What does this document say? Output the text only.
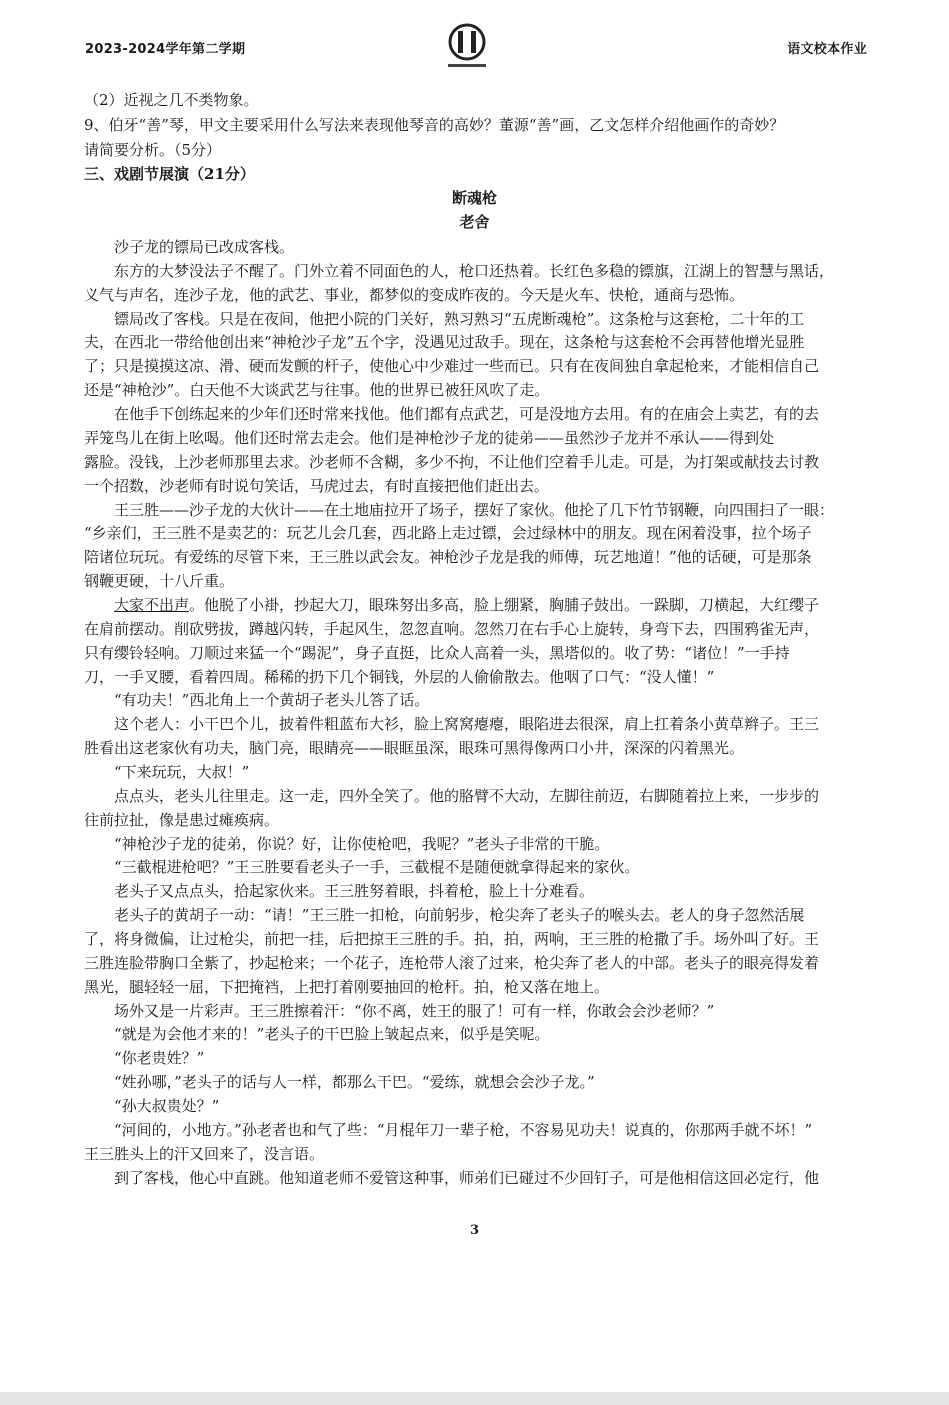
2023-2024学年第二学期	语文校本作业
（2）近视之几不类物象。
9、伯牙“善”琴，甲文主要采用什么写法来表现他琴音的高妙？董源“善”画，乙文怎样介绍他画作的奇妙？
请简要分析。（5分）
三、戏剧节展演（21分）
断魂枪
老舍
沙子龙的镖局已改成客栈。
东方的大梦没法子不醒了。门外立着不同面色的人，枪口还热着。长红色多稳的镖旗，江湖上的智慧与黑话，
义气与声名，连沙子龙，他的武艺、事业，都梦似的变成昨夜的。今天是火车、快枪，通商与恐怖。
镖局改了客栈。只是在夜间，他把小院的门关好，熟习熟习“五虎断魂枪”。这条枪与这套枪，二十年的工
夫，在西北一带给他创出来“神枪沙子龙”五个字，没遇见过敌手。现在，这条枪与这套枪不会再替他增光显胜
了；只是摸摸这凉、滑、硬而发颤的杆子，使他心中少难过一些而已。只有在夜间独自拿起枪来，才能相信自己
还是“神枪沙”。白天他不大谈武艺与往事。他的世界已被狂风吹了走。
在他手下创练起来的少年们还时常来找他。他们都有点武艺，可是没地方去用。有的在庙会上卖艺，有的去
弄笼鸟儿在街上吆喝。他们还时常去走会。他们是神枪沙子龙的徒弟——虽然沙子龙并不承认——得到处
露脸。没钱，上沙老师那里去求。沙老师不含糊，多少不拘，不让他们空着手儿走。可是，为打架或献技去讨教
一个招数，沙老师有时说句笑话，马虎过去，有时直接把他们赶出去。
王三胜——沙子龙的大伙计——在土地庙拉开了场子，摆好了家伙。他抡了几下竹节钢鞭，向四围扫了一眼：
“乡亲们，王三胜不是卖艺的：玩艺儿会几套，西北路上走过镖，会过绿林中的朋友。现在闲着没事，拉个场子
陪诸位玩玩。有爱练的尽管下来，王三胜以武会友。神枪沙子龙是我的师傅，玩艺地道！”他的话硬，可是那条
钢鞭更硬，十八斤重。
大家不出声。他脱了小褂，抄起大刀，眼珠努出多高，脸上绷紧，胸脯子鼓出。一跺脚，刀横起，大红缨子
在肩前摆动。削砍劈拔，蹲越闪转，手起风生，忽忽直响。忽然刀在右手心上旋转，身弯下去，四围鸦雀无声，
只有缨铃轻响。刀顺过来猛一个“踢泥”，身子直挺，比众人高着一头，黑塔似的。收了势：“诸位！”一手持
刀，一手叉腰，看着四周。稀稀的扔下几个铜钱，外层的人偷偷散去。他咽了口气：“没人懂！”
“有功夫！”西北角上一个黄胡子老头儿答了话。
这个老人：小干巴个儿，披着件粗蓝布大衫，脸上窝窝瘪瘪，眼陷进去很深，肩上扛着条小黄草辫子。王三
胜看出这老家伙有功夫，脑门亮，眼睛亮——眼眶虽深，眼珠可黑得像两口小井，深深的闪着黑光。
“下来玩玩，大叔！”
点点头，老头儿往里走。这一走，四外全笑了。他的胳臂不大动，左脚往前迈，右脚随着拉上来，一步步的
往前拉扯，像是患过瘫痪病。
“神枪沙子龙的徒弟，你说？好，让你使枪吧，我呢？”老头子非常的干脆。
“三截棍进枪吧？”王三胜要看老头子一手，三截棍不是随便就拿得起来的家伙。
老头子又点点头，拾起家伙来。王三胜努着眼，抖着枪，脸上十分难看。
老头子的黄胡子一动：“请！”王三胜一扣枪，向前躬步，枪尖奔了老头子的喉头去。老人的身子忽然活展
了，将身微偏，让过枪尖，前把一挂，后把掠王三胜的手。拍，拍，两响，王三胜的枪撒了手。场外叫了好。王
三胜连脸带胸口全紫了，抄起枪来；一个花子，连枪带人滚了过来，枪尖奔了老人的中部。老头子的眼亮得发着
黑光，腿轻轻一屈，下把掩裆，上把打着刚要抽回的枪杆。拍，枪又落在地上。
场外又是一片彩声。王三胜擦着汗：“你不离，姓王的服了！可有一样，你敢会会沙老师？”
“就是为会他才来的！”老头子的干巴脸上皱起点来，似乎是笑呢。
“你老贵姓？”
“姓孙哪，”老头子的话与人一样，都那么干巴。“爱练，就想会会沙子龙。”
“孙大叔贵处？”
“河间的，小地方。”孙老者也和气了些：“月棍年刀一辈子枪，不容易见功夫！说真的，你那两手就不坏！”
王三胜头上的汗又回来了，没言语。
到了客栈，他心中直跳。他知道老师不爱管这种事，师弟们已碰过不少回钉子，可是他相信这回必定行，他
3
